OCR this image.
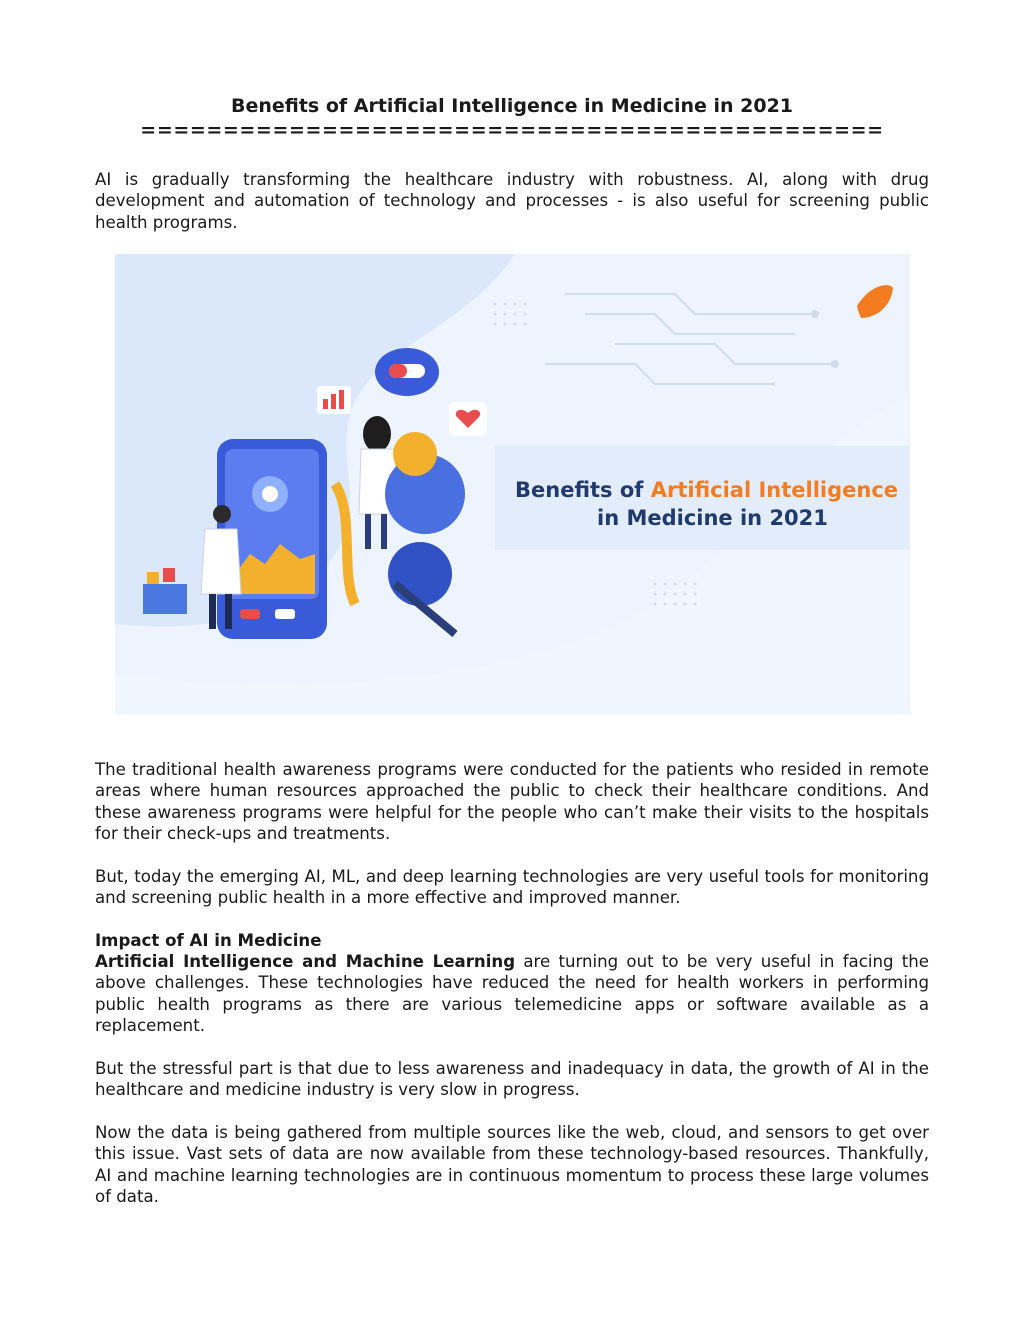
Benefits of Artificial Intelligence in Medicine in 2021
=============================================
AI is gradually transforming the healthcare industry with robustness. AI, along with drug development and automation of technology and processes - is also useful for screening public health programs.
The traditional health awareness programs were conducted for the patients who resided in remote areas where human resources approached the public to check their healthcare conditions. And these awareness programs were helpful for the people who can’t make their visits to the hospitals for their check-ups and treatments.
But, today the emerging AI, ML, and deep learning technologies are very useful tools for monitoring and screening public health in a more effective and improved manner.
Impact of AI in Medicine
Artificial Intelligence and Machine Learning are turning out to be very useful in facing the above challenges. These technologies have reduced the need for health workers in performing public health programs as there are various telemedicine apps or software available as a replacement.
But the stressful part is that due to less awareness and inadequacy in data, the growth of AI in the healthcare and medicine industry is very slow in progress.
Now the data is being gathered from multiple sources like the web, cloud, and sensors to get over this issue. Vast sets of data are now available from these technology-based resources. Thankfully, AI and machine learning technologies are in continuous momentum to process these large volumes of data.
Benefits of Artificial Intelligence
in Medicine in 2021
